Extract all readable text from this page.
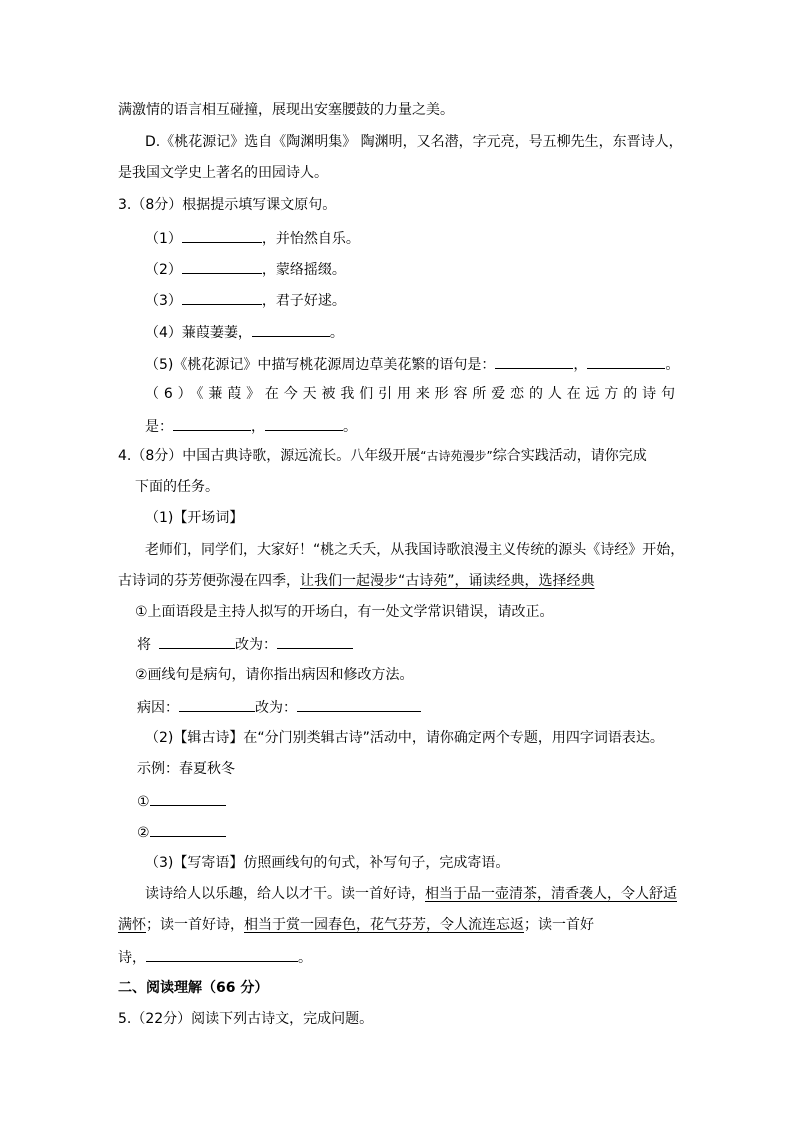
满激情的语言相互碰撞，展现出安塞腰鼓的力量之美。
D.《桃花源记》选自《陶渊明集》 陶渊明，又名潜，字元亮，号五柳先生，东晋诗人，
是我国文学史上著名的田园诗人。
3.（8分）根据提示填写课文原句。
（1）	，并怡然自乐。
（2）	，蒙络摇缀。
（3）	，君子好逑。
（4）蒹葭萋萋，	。
（5)《桃花源记》中描写桃花源周边草美花繁的语句是：	，	。
（6）《蒹葭》在今天被我们引用来形容所爱恋的人在远方的诗句
是：	，	。
4.（8分）中国古典诗歌，源远流长。八年级开展“古诗苑漫步”综合实践活动，请你完成
下面的任务。
（1)【开场词】
老师们，同学们，大家好！“桃之夭夭，从我国诗歌浪漫主义传统的源头《诗经》开始，
古诗词的芬芳便弥漫在四季，让我们一起漫步“古诗苑”，诵读经典，选择经典
①上面语段是主持人拟写的开场白，有一处文学常识错误，请改正。
将	改为：
②画线句是病句，请你指出病因和修改方法。
病因：	改为：
（2)【辑古诗】在“分门别类辑古诗”活动中，请你确定两个专题，用四字词语表达。
示例：春夏秋冬
①
②
（3)【写寄语】仿照画线句的句式，补写句子，完成寄语。
读诗给人以乐趣，给人以才干。读一首好诗，相当于品一壶清茶，清香袭人，令人舒适
满怀；读一首好诗，相当于赏一园春色，花气芬芳，令人流连忘返；读一首好
诗，	。
二、阅读理解（66 分）
5.（22分）阅读下列古诗文，完成问题。
